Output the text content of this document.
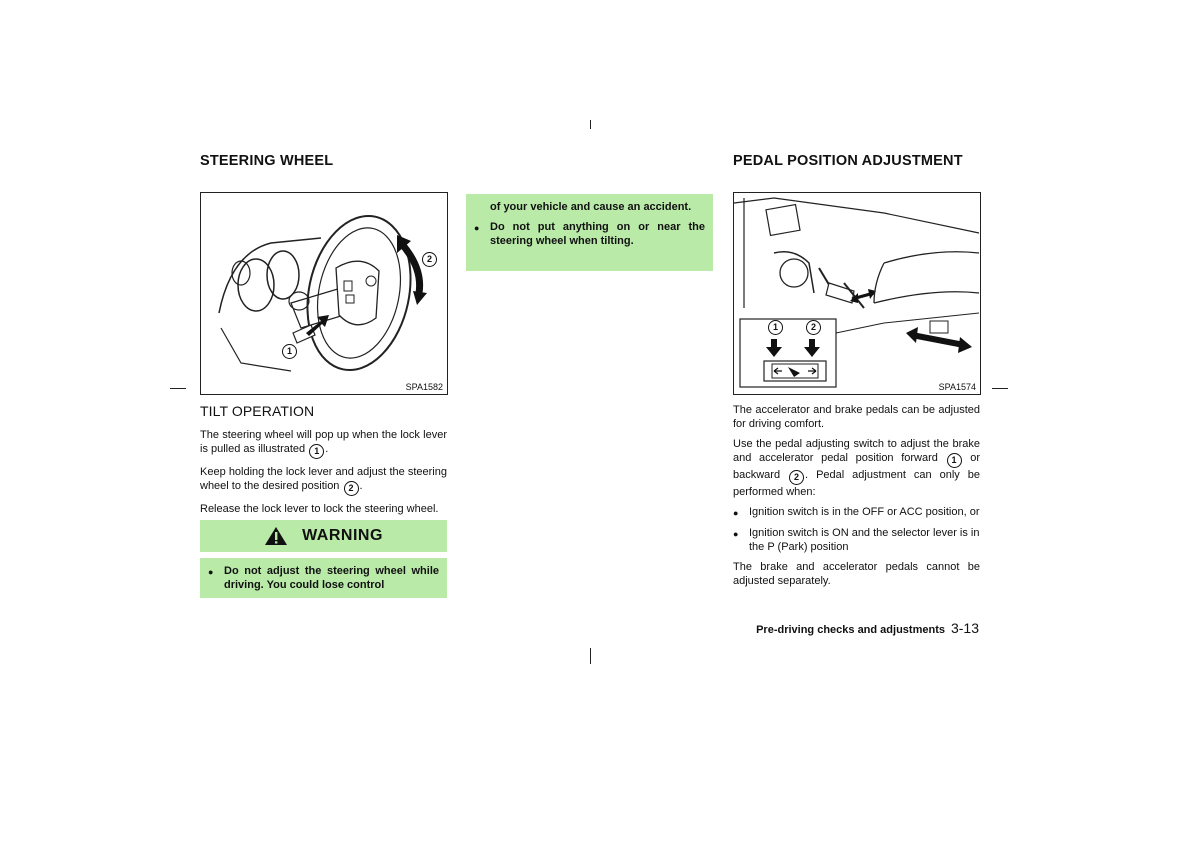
STEERING WHEEL
1
2
SPA1582
TILT OPERATION

The steering wheel will pop up when the lock lever is pulled as illustrated 1 .

Keep holding the lock lever and adjust the steering wheel to the desired position 2 .

Release the lock lever to lock the steering wheel.

WARNING
● Do not adjust the steering wheel while driving. You could lose control
of your vehicle and cause an accident.
● Do not put anything on or near the steering wheel when tilting.
PEDAL POSITION ADJUSTMENT
1	2
SPA1574

The accelerator and brake pedals can be adjusted for driving comfort.

Use the pedal adjusting switch to adjust the brake and accelerator pedal position forward 1 or backward 2 . Pedal adjustment can only be performed when:

● Ignition switch is in the OFF or ACC position, or
● Ignition switch is ON and the selector lever is in the P (Park) position

The brake and accelerator pedals cannot be adjusted separately.

Pre-driving checks and adjustments 3-13
